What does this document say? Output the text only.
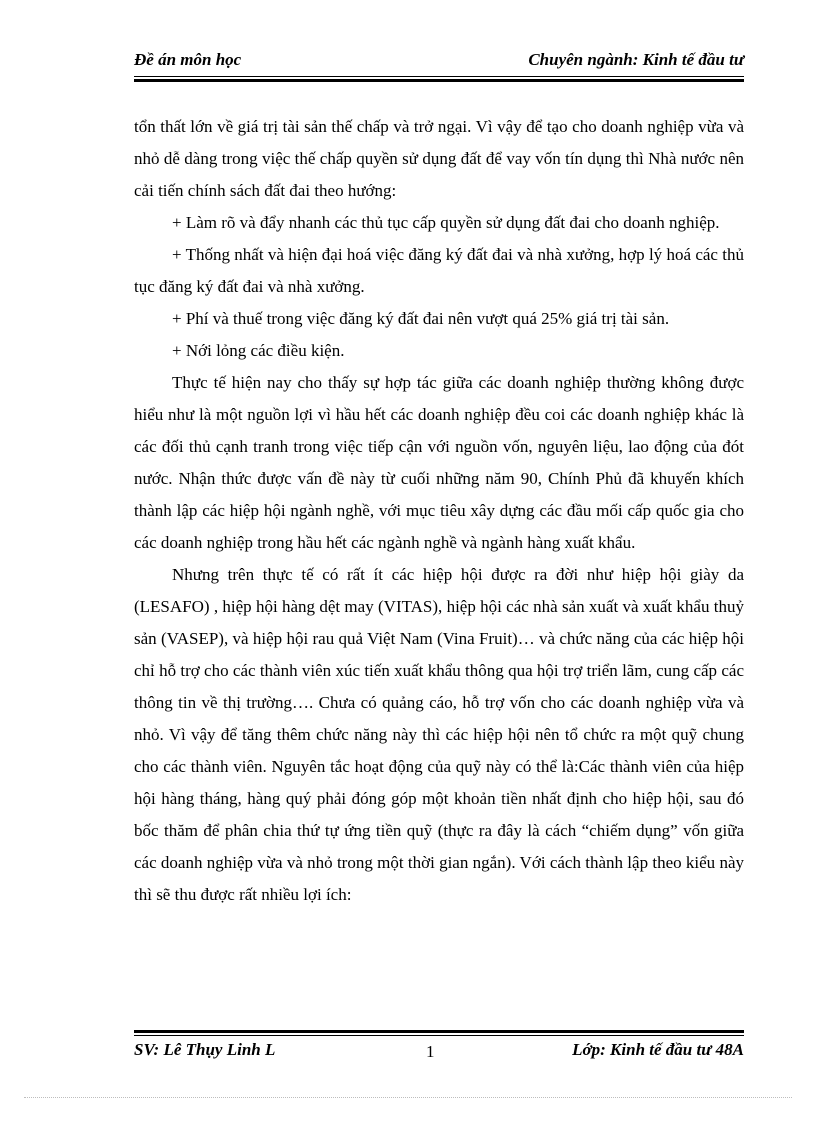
Đề án môn học	Chuyên ngành: Kinh tế đầu tư

tổn thất lớn về giá trị tài sản thế chấp và trở ngại. Vì vậy để tạo cho doanh nghiệp vừa và nhỏ dễ dàng trong việc thế chấp quyền sử dụng đất để vay vốn tín dụng thì Nhà nước nên cải tiến chính sách đất đai theo hướng:

+ Làm rõ và đẩy nhanh các thủ tục cấp quyền sử dụng đất đai cho doanh nghiệp.

+ Thống nhất và hiện đại hoá việc đăng ký đất đai và nhà xưởng, hợp lý hoá các thủ tục đăng ký đất đai và nhà xưởng.

+ Phí và thuế trong việc đăng ký đất đai nên vượt quá 25% giá trị tài sản.

+ Nới lỏng các điều kiện.

Thực tế hiện nay cho thấy sự hợp tác giữa các doanh nghiệp thường không được hiểu như là một nguồn lợi vì hầu hết các doanh nghiệp đều coi các doanh nghiệp khác là các đối thủ cạnh tranh trong việc tiếp cận với nguồn vốn, nguyên liệu, lao động của đót nước. Nhận thức được vấn đề này từ cuối những năm 90, Chính Phủ đã khuyến khích thành lập các hiệp hội ngành nghề, với mục tiêu xây dựng các đầu mối cấp quốc gia cho các doanh nghiệp trong hầu hết các ngành nghề và ngành hàng xuất khẩu.

Nhưng trên thực tế có rất ít các hiệp hội được ra đời như hiệp hội giày da (LESAFO) , hiệp hội hàng dệt may (VITAS), hiệp hội các nhà sản xuất và xuất khẩu thuỷ sản (VASEP), và hiệp hội rau quả Việt Nam (Vina Fruit)… và chức năng của các hiệp hội chỉ hỗ trợ cho các thành viên xúc tiến xuất khẩu thông qua hội trợ triển lãm, cung cấp các thông tin về thị trường…. Chưa có quảng cáo, hỗ trợ vốn cho các doanh nghiệp vừa và nhỏ. Vì vậy để tăng thêm chức năng này thì các hiệp hội nên tổ chức ra một quỹ chung cho các thành viên. Nguyên tắc hoạt động của quỹ này có thể là:Các thành viên của hiệp hội hàng tháng, hàng quý phải đóng góp một khoản tiền nhất định cho hiệp hội, sau đó bốc thăm để phân chia thứ tự ứng tiền quỹ (thực ra đây là cách “chiếm dụng” vốn giữa các doanh nghiệp vừa và nhỏ trong một thời gian ngắn). Với cách thành lập theo kiểu này thì sẽ thu được rất nhiều lợi ích:

SV: Lê Thụy Linh L	1	Lớp: Kinh tế đầu tư 48A
